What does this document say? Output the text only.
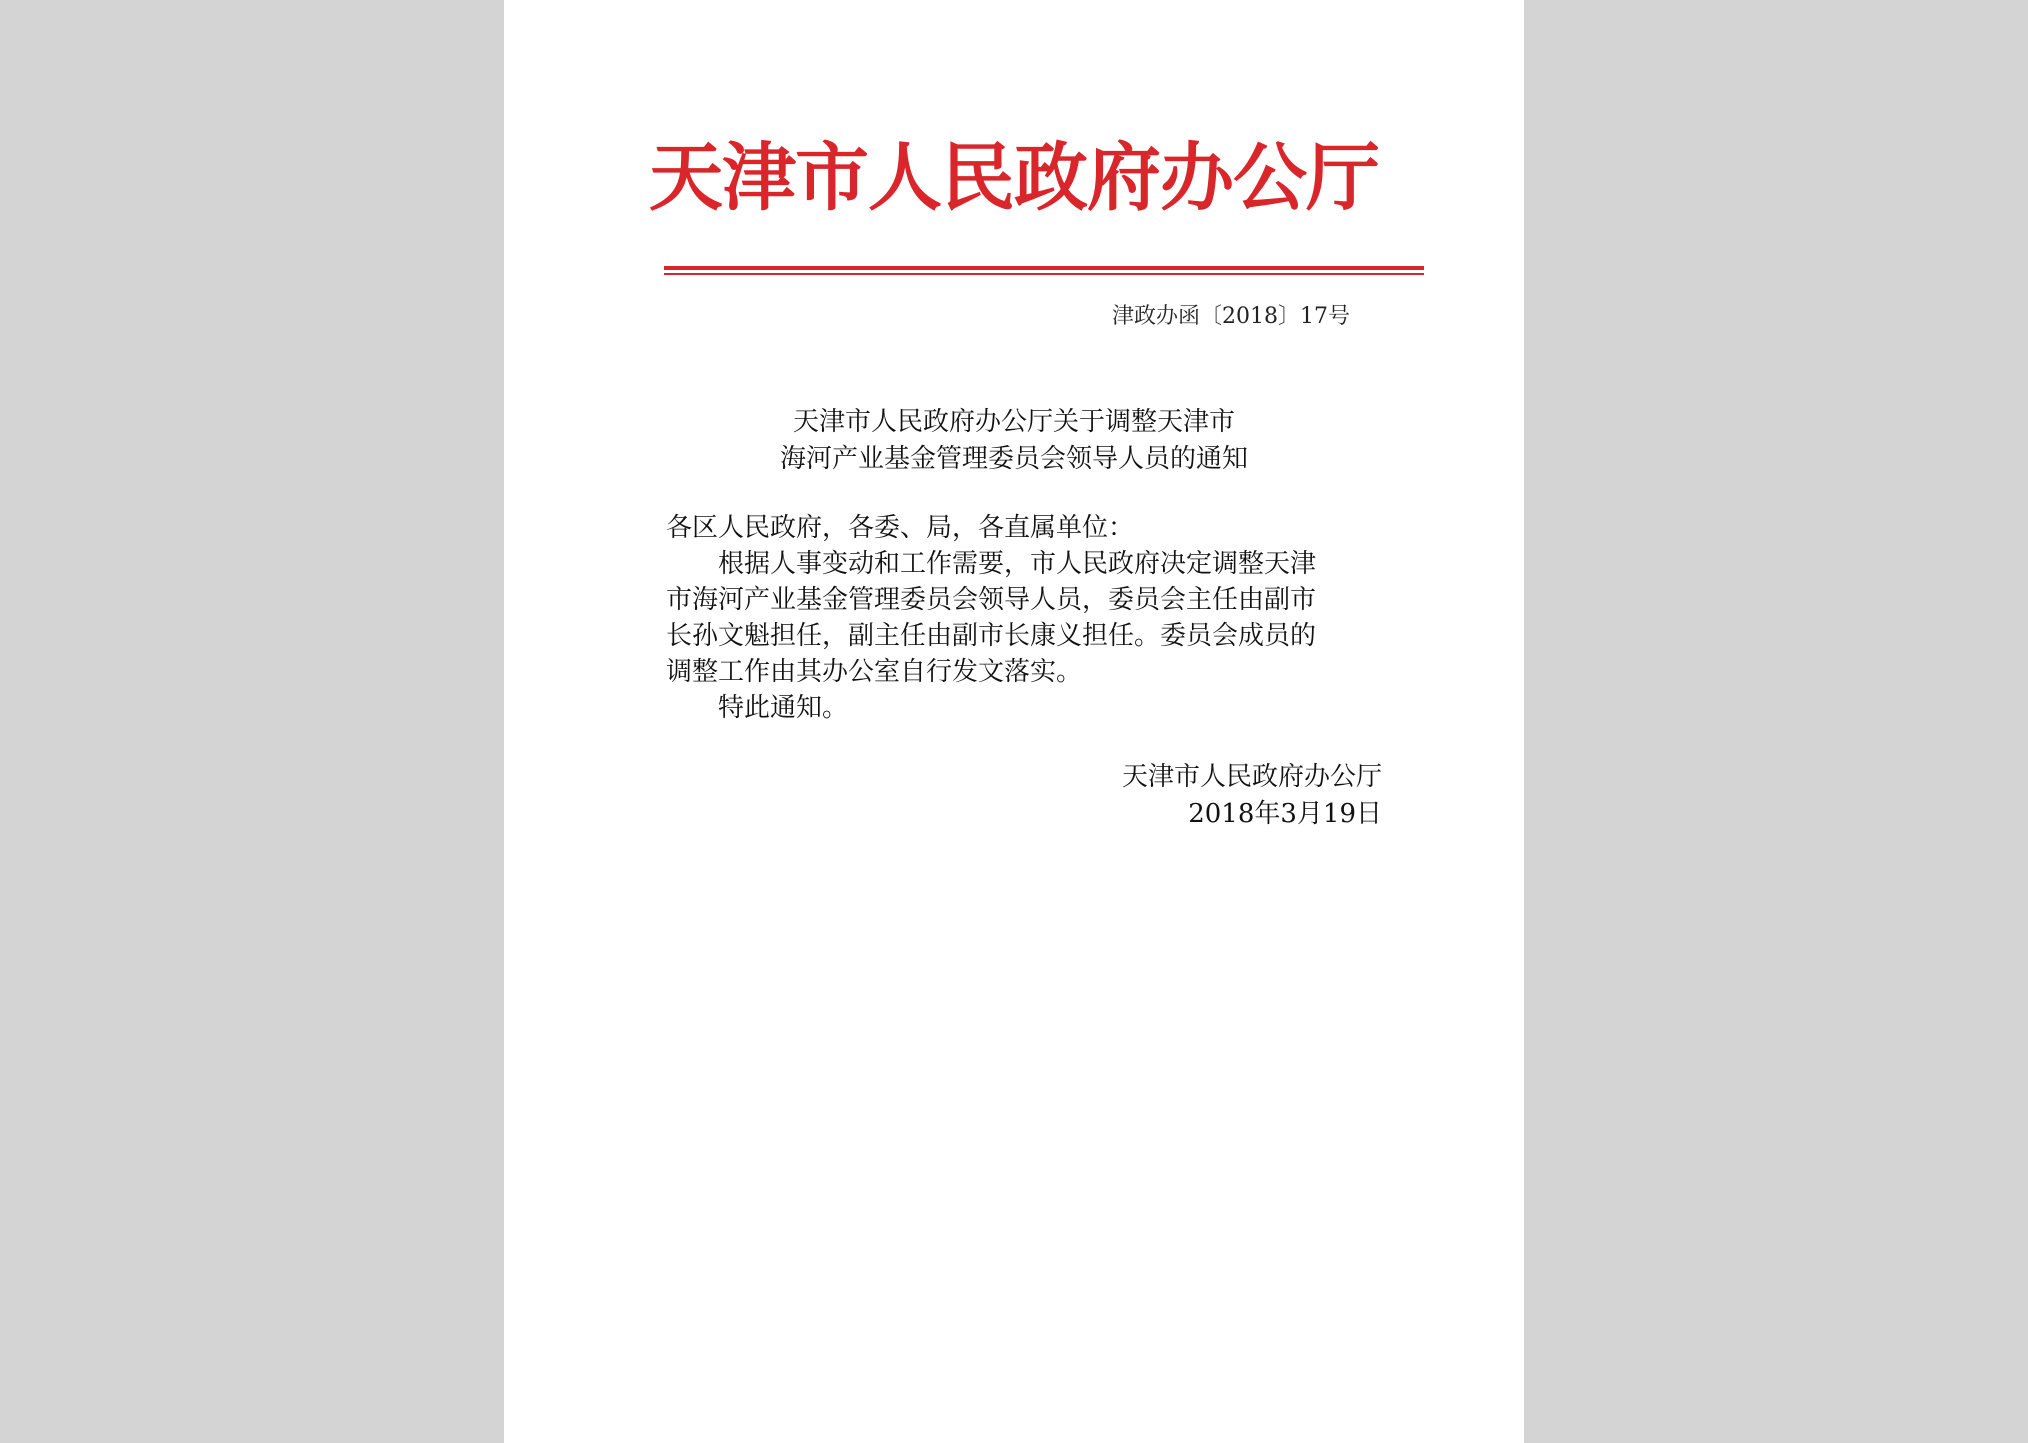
天津市人民政府办公厅
津政办函〔2018〕17号
天津市人民政府办公厅关于调整天津市
海河产业基金管理委员会领导人员的通知
各区人民政府，各委、局，各直属单位：
根据人事变动和工作需要，市人民政府决定调整天津
市海河产业基金管理委员会领导人员，委员会主任由副市
长孙文魁担任，副主任由副市长康义担任。委员会成员的
调整工作由其办公室自行发文落实。
特此通知。
天津市人民政府办公厅
2018年3月19日
